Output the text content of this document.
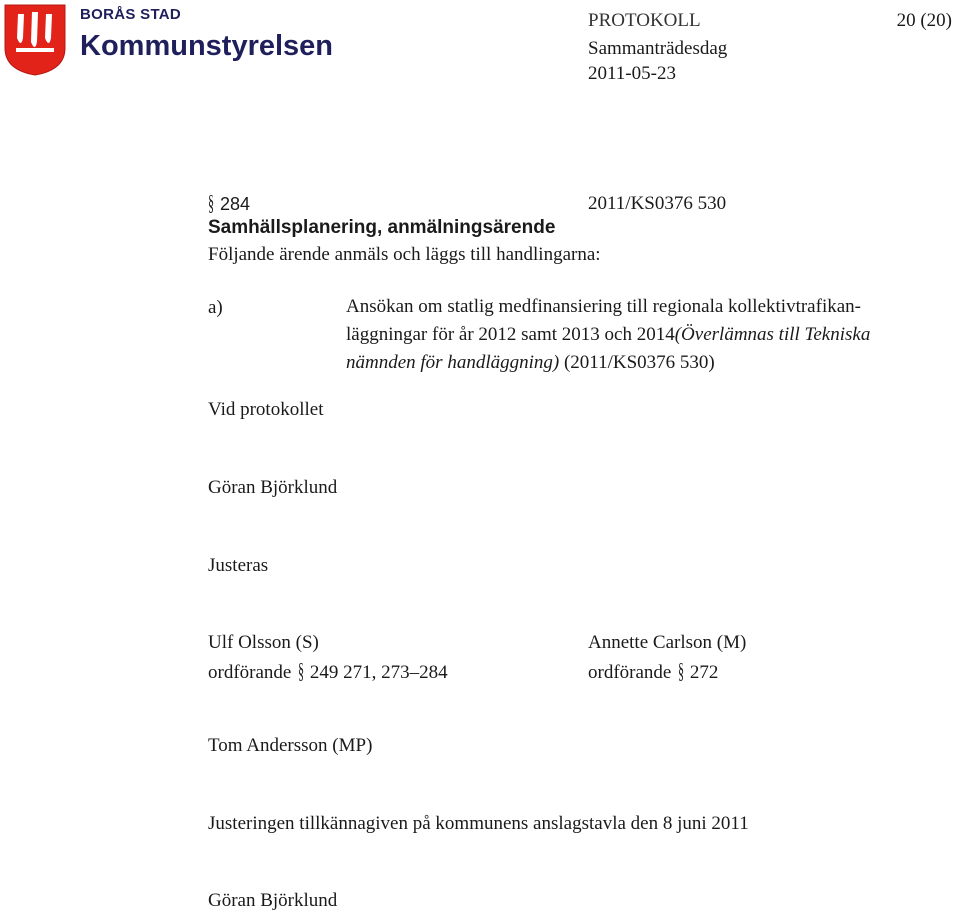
BORÅS STAD
Kommunstyrelsen
PROTOKOLL	20 (20)
Sammanträdesdag
2011-05-23
§ 284	2011/KS0376 530
Samhällsplanering, anmälningsärende
Följande ärende anmäls och läggs till handlingarna:
a)	Ansökan om statlig medfinansiering till regionala kollektivtrafikan-
läggningar för år 2012 samt 2013 och 2014(Överlämnas till Tekniska
nämnden för handläggning) (2011/KS0376 530)
Vid protokollet
Göran Björklund
Justeras
Ulf Olsson (S)
ordförande § 249 271, 273–284
Annette Carlson (M)
ordförande § 272
Tom Andersson (MP)
Justeringen tillkännagiven på kommunens anslagstavla den 8 juni 2011
Göran Björklund
